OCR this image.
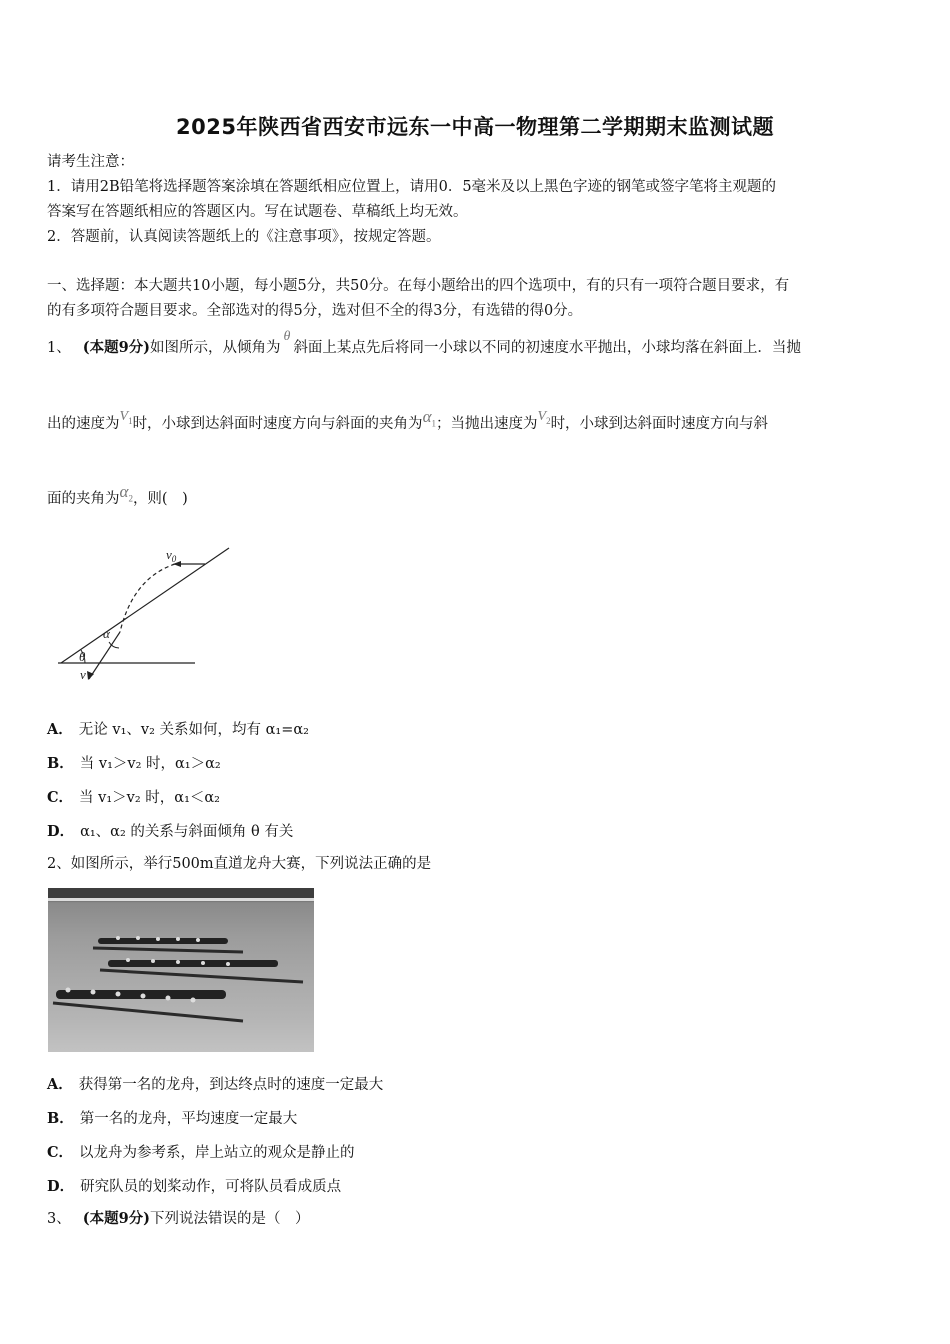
2025年陕西省西安市远东一中高一物理第二学期期末监测试题
请考生注意：
1．请用2B铅笔将选择题答案涂填在答题纸相应位置上，请用0．5毫米及以上黑色字迹的钢笔或签字笔将主观题的
答案写在答题纸相应的答题区内。写在试题卷、草稿纸上均无效。
2．答题前，认真阅读答题纸上的《注意事项》，按规定答题。
一、选择题：本大题共10小题，每小题5分，共50分。在每小题给出的四个选项中，有的只有一项符合题目要求，有
的有多项符合题目要求。全部选对的得5分，选对但不全的得3分，有选错的得0分。
1、 (本题9分)如图所示，从倾角为θ斜面上某点先后将同一小球以不同的初速度水平抛出，小球均落在斜面上．当抛
出的速度为$V_1$时，小球到达斜面时速度方向与斜面的夹角为$\alpha_1$；当抛出速度为$V_2$时，小球到达斜面时速度方向与斜
面的夹角为$\alpha_2$，则(　)
$v_0$
α
θ
v
A． 无论 v₁、v₂ 关系如何，均有 α₁=α₂
B． 当 v₁＞v₂ 时，α₁＞α₂
C． 当 v₁＞v₂ 时，α₁＜α₂
D． α₁、α₂ 的关系与斜面倾角 θ 有关
2、如图所示，举行500m直道龙舟大赛，下列说法正确的是
A． 获得第一名的龙舟，到达终点时的速度一定最大
B． 第一名的龙舟，平均速度一定最大
C． 以龙舟为参考系，岸上站立的观众是静止的
D． 研究队员的划桨动作，可将队员看成质点
3、 (本题9分)下列说法错误的是（　）
